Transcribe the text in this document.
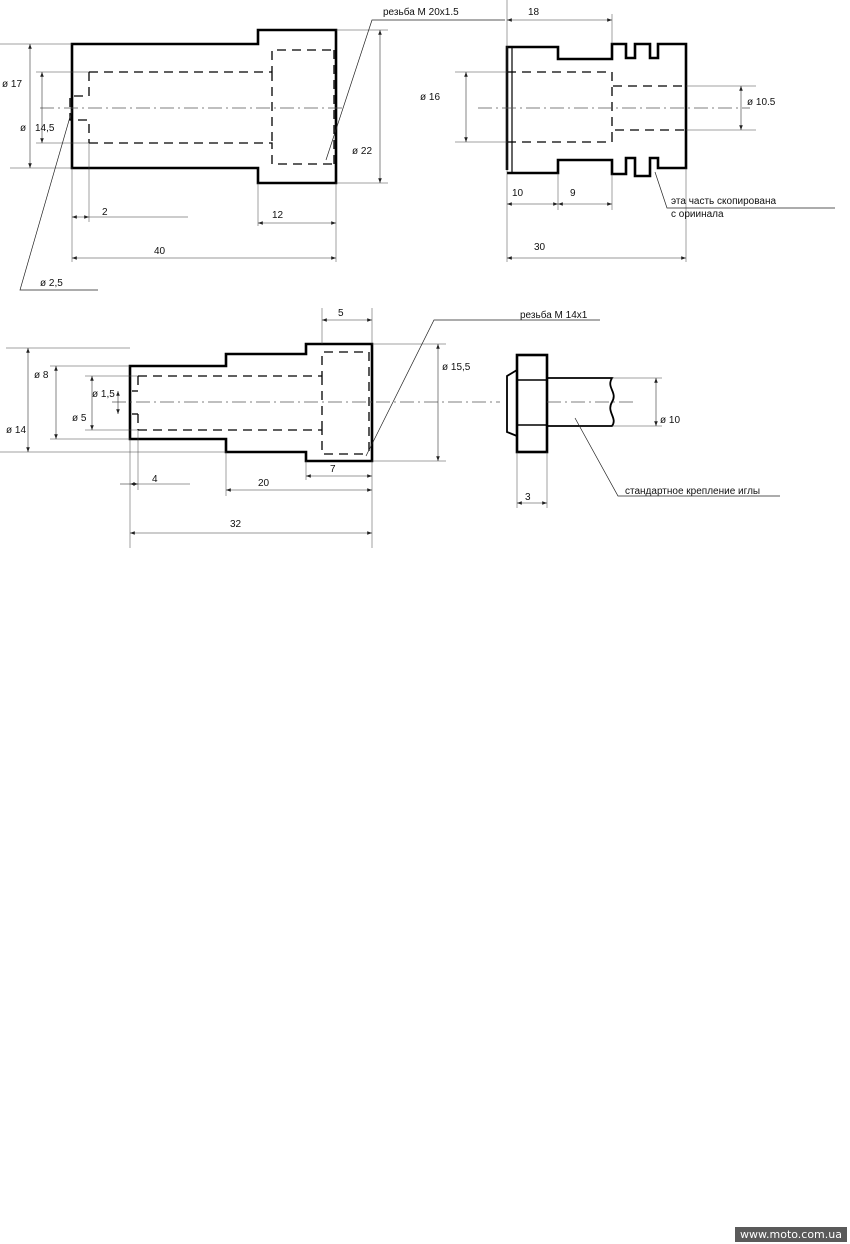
ø 17
ø 14,5
2	12
40
ø 2,5
резьба М 20х1.5
ø 22
18
ø 16	ø 10.5
10	9
30
эта часть скопирована
с ориинала
5	резьба М 14х1
ø 8
ø 15,5
ø 1,5
ø 5
ø 14
4	20
7
32
ø 10
3
стандартное крепление иглы
www.moto.com.ua
